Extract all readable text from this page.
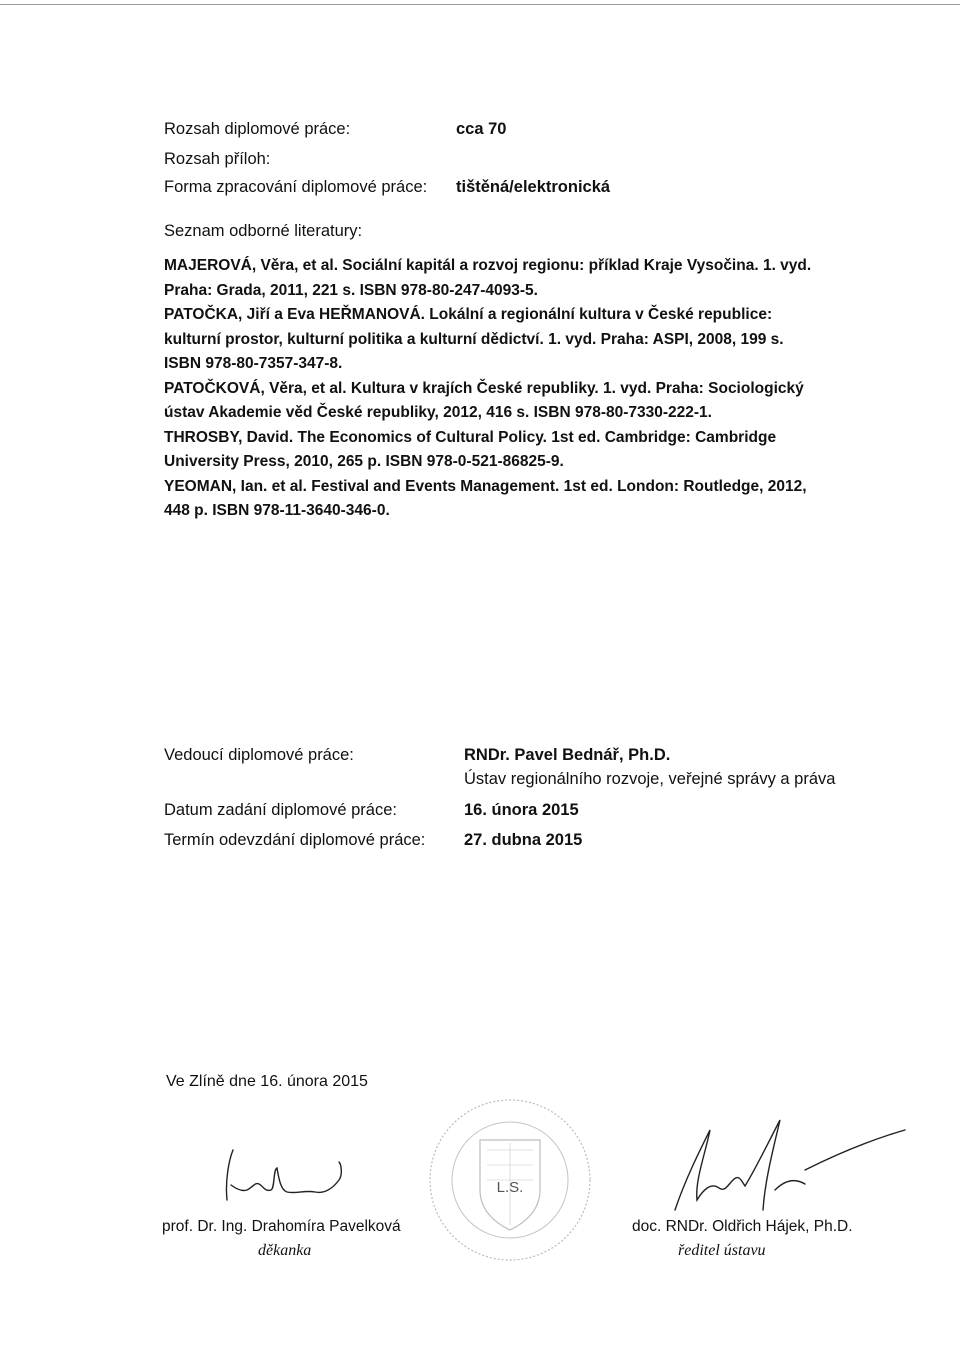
Rozsah diplomové práce:	cca 70
Rozsah příloh:
Forma zpracování diplomové práce: tištěná/elektronická
Seznam odborné literatury:
MAJEROVÁ, Věra, et al. Sociální kapitál a rozvoj regionu: příklad Kraje Vysočina. 1. vyd.
Praha: Grada, 2011, 221 s. ISBN 978-80-247-4093-5.
PATOČKA, Jiří a Eva HEŘMANOVÁ. Lokální a regionální kultura v České republice:
kulturní prostor, kulturní politika a kulturní dědictví. 1. vyd. Praha: ASPI, 2008, 199 s.
ISBN 978-80-7357-347-8.
PATOČKOVÁ, Věra, et al. Kultura v krajích České republiky. 1. vyd. Praha: Sociologický
ústav Akademie věd České republiky, 2012, 416 s. ISBN 978-80-7330-222-1.
THROSBY, David. The Economics of Cultural Policy. 1st ed. Cambridge: Cambridge
University Press, 2010, 265 p. ISBN 978-0-521-86825-9.
YEOMAN, Ian. et al. Festival and Events Management. 1st ed. London: Routledge, 2012,
448 p. ISBN 978-11-3640-346-0.
Vedoucí diplomové práce:	RNDr. Pavel Bednář, Ph.D.
Ústav regionálního rozvoje, veřejné správy a práva
Datum zadání diplomové práce:	16. února 2015
Termín odevzdání diplomové práce: 27. dubna 2015
Ve Zlíně dne 16. února 2015
prof. Dr. Ing. Drahomíra Pavelková
děkanka
L.S.
doc. RNDr. Oldřich Hájek, Ph.D.
ředitel ústavu
